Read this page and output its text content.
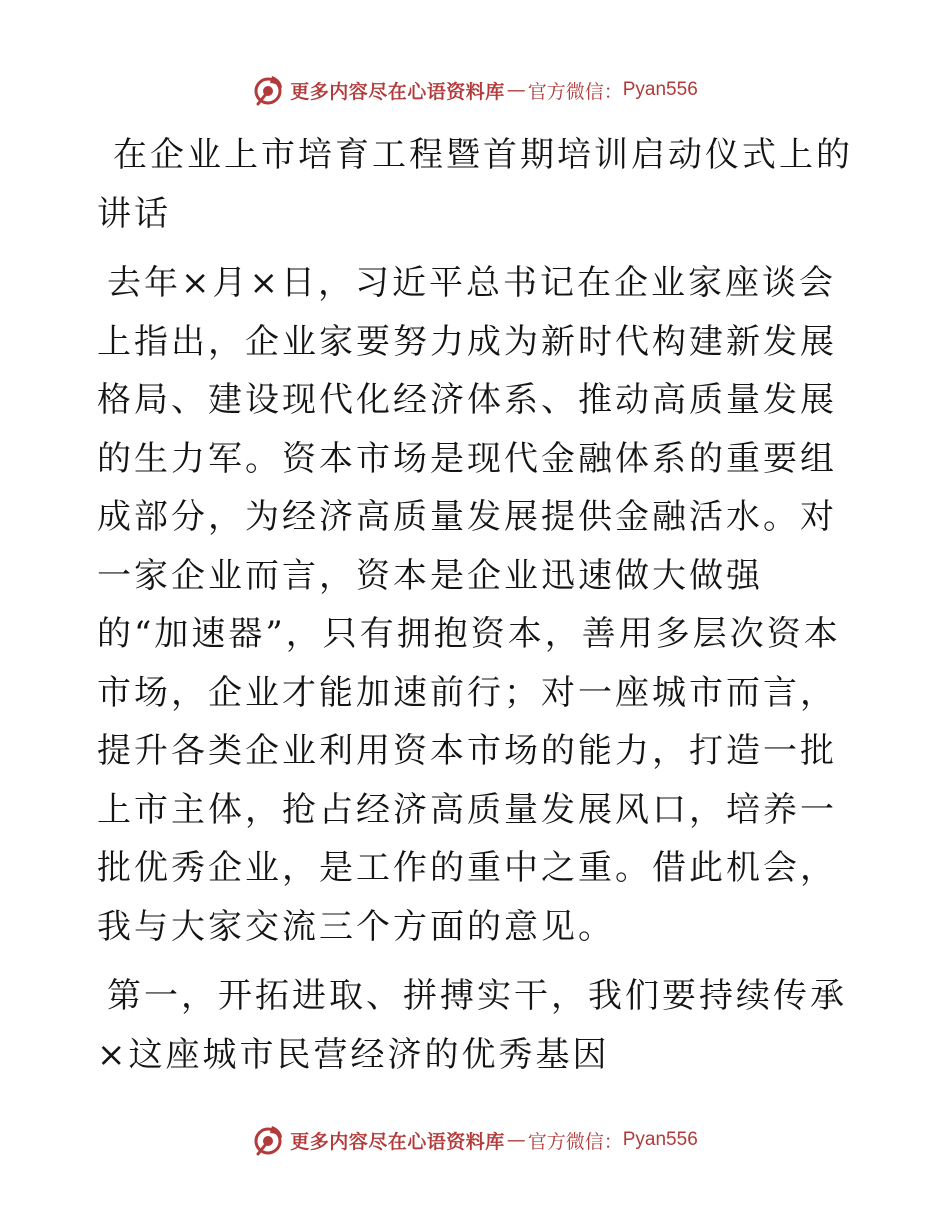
更多内容尽在心语资料库 — 官方微信： Pyan556

在企业上市培育工程暨首期培训启动仪式上的讲话

去年×月×日，习近平总书记在企业家座谈会上指出，企业家要努力成为新时代构建新发展格局、建设现代化经济体系、推动高质量发展的生力军。资本市场是现代金融体系的重要组成部分，为经济高质量发展提供金融活水。对一家企业而言，资本是企业迅速做大做强的“加速器”，只有拥抱资本，善用多层次资本市场，企业才能加速前行；对一座城市而言，提升各类企业利用资本市场的能力，打造一批上市主体，抢占经济高质量发展风口，培养一批优秀企业，是工作的重中之重。借此机会，我与大家交流三个方面的意见。

第一，开拓进取、拼搏实干，我们要持续传承×这座城市民营经济的优秀基因

更多内容尽在心语资料库 — 官方微信： Pyan556
